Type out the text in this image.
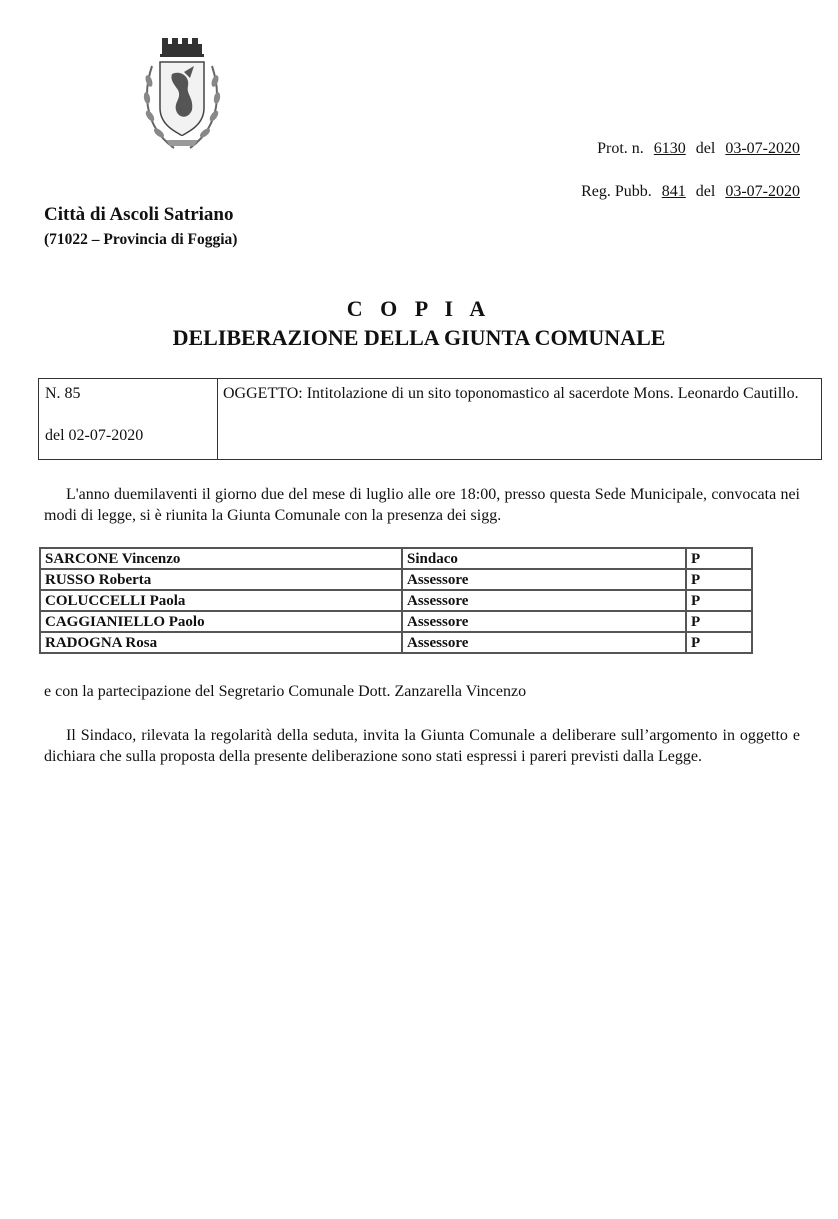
Prot. n. 6130 del 03-07-2020
Reg. Pubb. 841 del 03-07-2020
Città di Ascoli Satriano
(71022 – Provincia di Foggia)
C O P I A
DELIBERAZIONE DELLA GIUNTA COMUNALE
N. 85
del 02-07-2020
OGGETTO: Intitolazione di un sito toponomastico al sacerdote Mons. Leonardo Cautillo.
L'anno duemilaventi il giorno due del mese di luglio alle ore 18:00, presso questa Sede Municipale, convocata nei modi di legge, si è riunita la Giunta Comunale con la presenza dei sigg.
SARCONE Vincenzo	Sindaco	P
RUSSO Roberta	Assessore	P
COLUCCELLI Paola	Assessore	P
CAGGIANIELLO Paolo	Assessore	P
RADOGNA Rosa	Assessore	P
e con la partecipazione del Segretario Comunale Dott. Zanzarella Vincenzo
Il Sindaco, rilevata la regolarità della seduta, invita la Giunta Comunale a deliberare sull’argomento in oggetto e dichiara che sulla proposta della presente deliberazione sono stati espressi i pareri previsti dalla Legge.
